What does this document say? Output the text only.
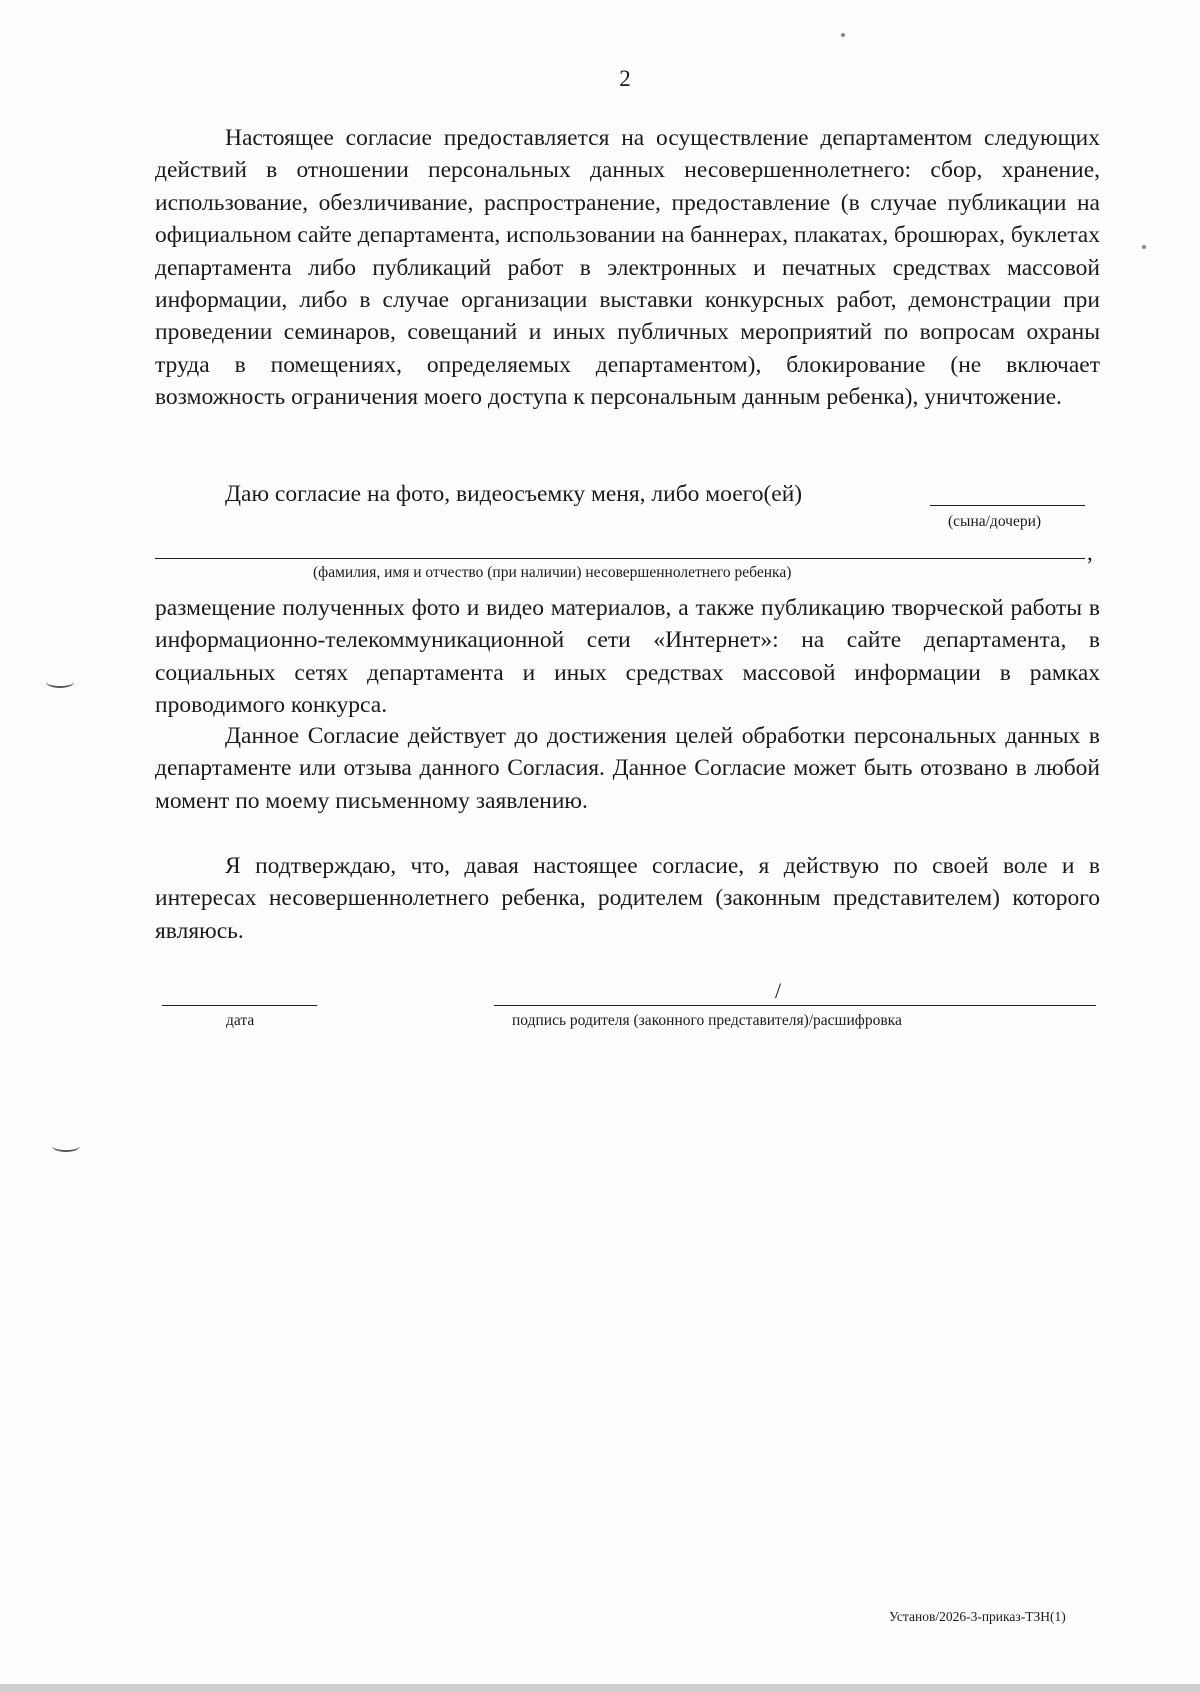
2

Настоящее согласие предоставляется на осуществление департаментом следующих действий в отношении персональных данных несовершеннолетнего: сбор, хранение, использование, обезличивание, распространение, предоставление (в случае публикации на официальном сайте департамента, использовании на баннерах, плакатах, брошюрах, буклетах департамента либо публикаций работ в электронных и печатных средствах массовой информации, либо в случае организации выставки конкурсных работ, демонстрации при проведении семинаров, совещаний и иных публичных мероприятий по вопросам охраны труда в помещениях, определяемых департаментом), блокирование (не включает возможность ограничения моего доступа к персональным данным ребенка), уничтожение.

Даю согласие на фото, видеосъемку меня, либо моего(ей)
(сына/дочери)
,
(фамилия, имя и отчество (при наличии) несовершеннолетнего ребенка)

размещение полученных фото и видео материалов, а также публикацию творческой работы в информационно-телекоммуникационной сети «Интернет»: на сайте департамента, в социальных сетях департамента и иных средствах массовой информации в рамках проводимого конкурса.

Данное Согласие действует до достижения целей обработки персональных данных в департаменте или отзыва данного Согласия. Данное Согласие может быть отозвано в любой момент по моему письменному заявлению.

Я подтверждаю, что, давая настоящее согласие, я действую по своей воле и в интересах несовершеннолетнего ребенка, родителем (законным представителем) которого являюсь.

дата
/
подпись родителя (законного представителя)/расшифровка
Установ/2026-3-приказ-ТЗН(1)
